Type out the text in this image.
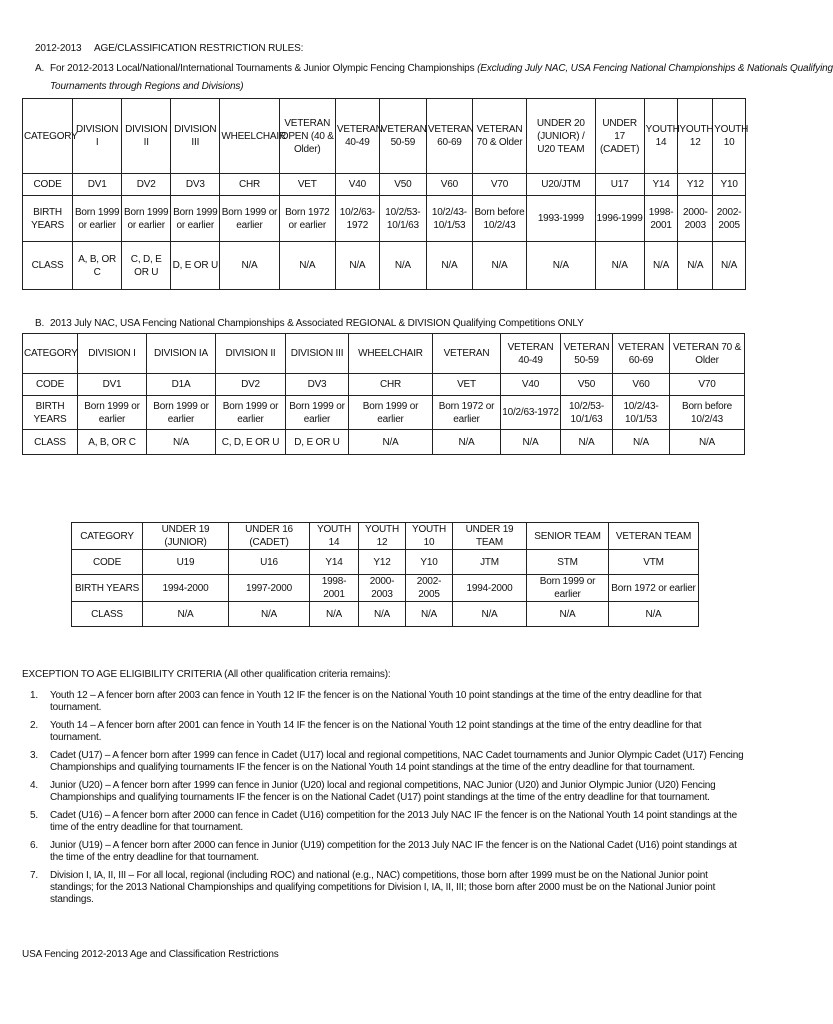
2012-2013 AGE/CLASSIFICATION RESTRICTION RULES:
A. For 2012-2013 Local/National/International Tournaments & Junior Olympic Fencing Championships (Excluding July NAC, USA Fencing National Championships & Nationals Qualifying
Tournaments through Regions and Divisions)
CATEGORY	DIVISION I	DIVISION II	DIVISION III	WHEELCHAIR	VETERAN OPEN (40 & Older)	VETERAN 40-49	VETERAN 50-59	VETERAN 60-69	VETERAN 70 & Older	UNDER 20 (JUNIOR) / U20 TEAM	UNDER 17 (CADET)	YOUTH 14	YOUTH 12	YOUTH 10

CODE	DV1	DV2	DV3	CHR	VET	V40	V50	V60	V70	U20/JTM	U17	Y14	Y12	Y10

BIRTH YEARS	Born 1999 or earlier	Born 1999 or earlier	Born 1999 or earlier	Born 1999 or earlier	Born 1972 or earlier	10/2/63-1972	10/2/53-10/1/63	10/2/43-10/1/53	Born before 10/2/43	1993-1999	1996-1999	1998-2001	2000-2003	2002-2005

CLASS	A, B, OR C	C, D, E OR U	D, E OR U	N/A	N/A	N/A	N/A	N/A	N/A	N/A	N/A	N/A	N/A	N/A
B. 2013 July NAC, USA Fencing National Championships & Associated REGIONAL & DIVISION Qualifying Competitions ONLY
CATEGORY	DIVISION I	DIVISION IA	DIVISION II	DIVISION III	WHEELCHAIR	VETERAN	VETERAN 40-49	VETERAN 50-59	VETERAN 60-69	VETERAN 70 & Older

CODE	DV1	D1A	DV2	DV3	CHR	VET	V40	V50	V60	V70

BIRTH YEARS	Born 1999 or earlier	Born 1999 or earlier	Born 1999 or earlier	Born 1999 or earlier	Born 1999 or earlier	Born 1972 or earlier	10/2/63-1972	10/2/53-10/1/63	10/2/43-10/1/53	Born before 10/2/43

CLASS	A, B, OR C	N/A	C, D, E OR U	D, E OR U	N/A	N/A	N/A	N/A	N/A	N/A
CATEGORY	UNDER 19 (JUNIOR)	UNDER 16 (CADET)	YOUTH 14	YOUTH 12	YOUTH 10	UNDER 19 TEAM	SENIOR TEAM	VETERAN TEAM

CODE	U19	U16	Y14	Y12	Y10	JTM	STM	VTM

BIRTH YEARS	1994-2000	1997-2000	1998-2001	2000-2003	2002-2005	1994-2000	Born 1999 or earlier	Born 1972 or earlier

CLASS	N/A	N/A	N/A	N/A	N/A	N/A	N/A	N/A
EXCEPTION TO AGE ELIGIBILITY CRITERIA (All other qualification criteria remains):
1. Youth 12 – A fencer born after 2003 can fence in Youth 12 IF the fencer is on the National Youth 10 point standings at the time of the entry deadline for that tournament.
2. Youth 14 – A fencer born after 2001 can fence in Youth 14 IF the fencer is on the National Youth 12 point standings at the time of the entry deadline for that tournament.
3. Cadet (U17) – A fencer born after 1999 can fence in Cadet (U17) local and regional competitions, NAC Cadet tournaments and Junior Olympic Cadet (U17) Fencing Championships and qualifying tournaments IF the fencer is on the National Youth 14 point standings at the time of the entry deadline for that tournament.
4. Junior (U20) – A fencer born after 1999 can fence in Junior (U20) local and regional competitions, NAC Junior (U20) and Junior Olympic Junior (U20) Fencing Championships and qualifying tournaments IF the fencer is on the National Cadet (U17) point standings at the time of the entry deadline for that tournament.
5. Cadet (U16) – A fencer born after 2000 can fence in Cadet (U16) competition for the 2013 July NAC IF the fencer is on the National Youth 14 point standings at the time of the entry deadline for that tournament.
6. Junior (U19) – A fencer born after 2000 can fence in Junior (U19) competition for the 2013 July NAC IF the fencer is on the National Cadet (U16) point standings at the time of the entry deadline for that tournament.
7. Division I, IA, II, III – For all local, regional (including ROC) and national (e.g., NAC) competitions, those born after 1999 must be on the National Junior point standings; for the 2013 National Championships and qualifying competitions for Division I, IA, II, III; those born after 2000 must be on the National Junior point standings.
USA Fencing 2012-2013 Age and Classification Restrictions
